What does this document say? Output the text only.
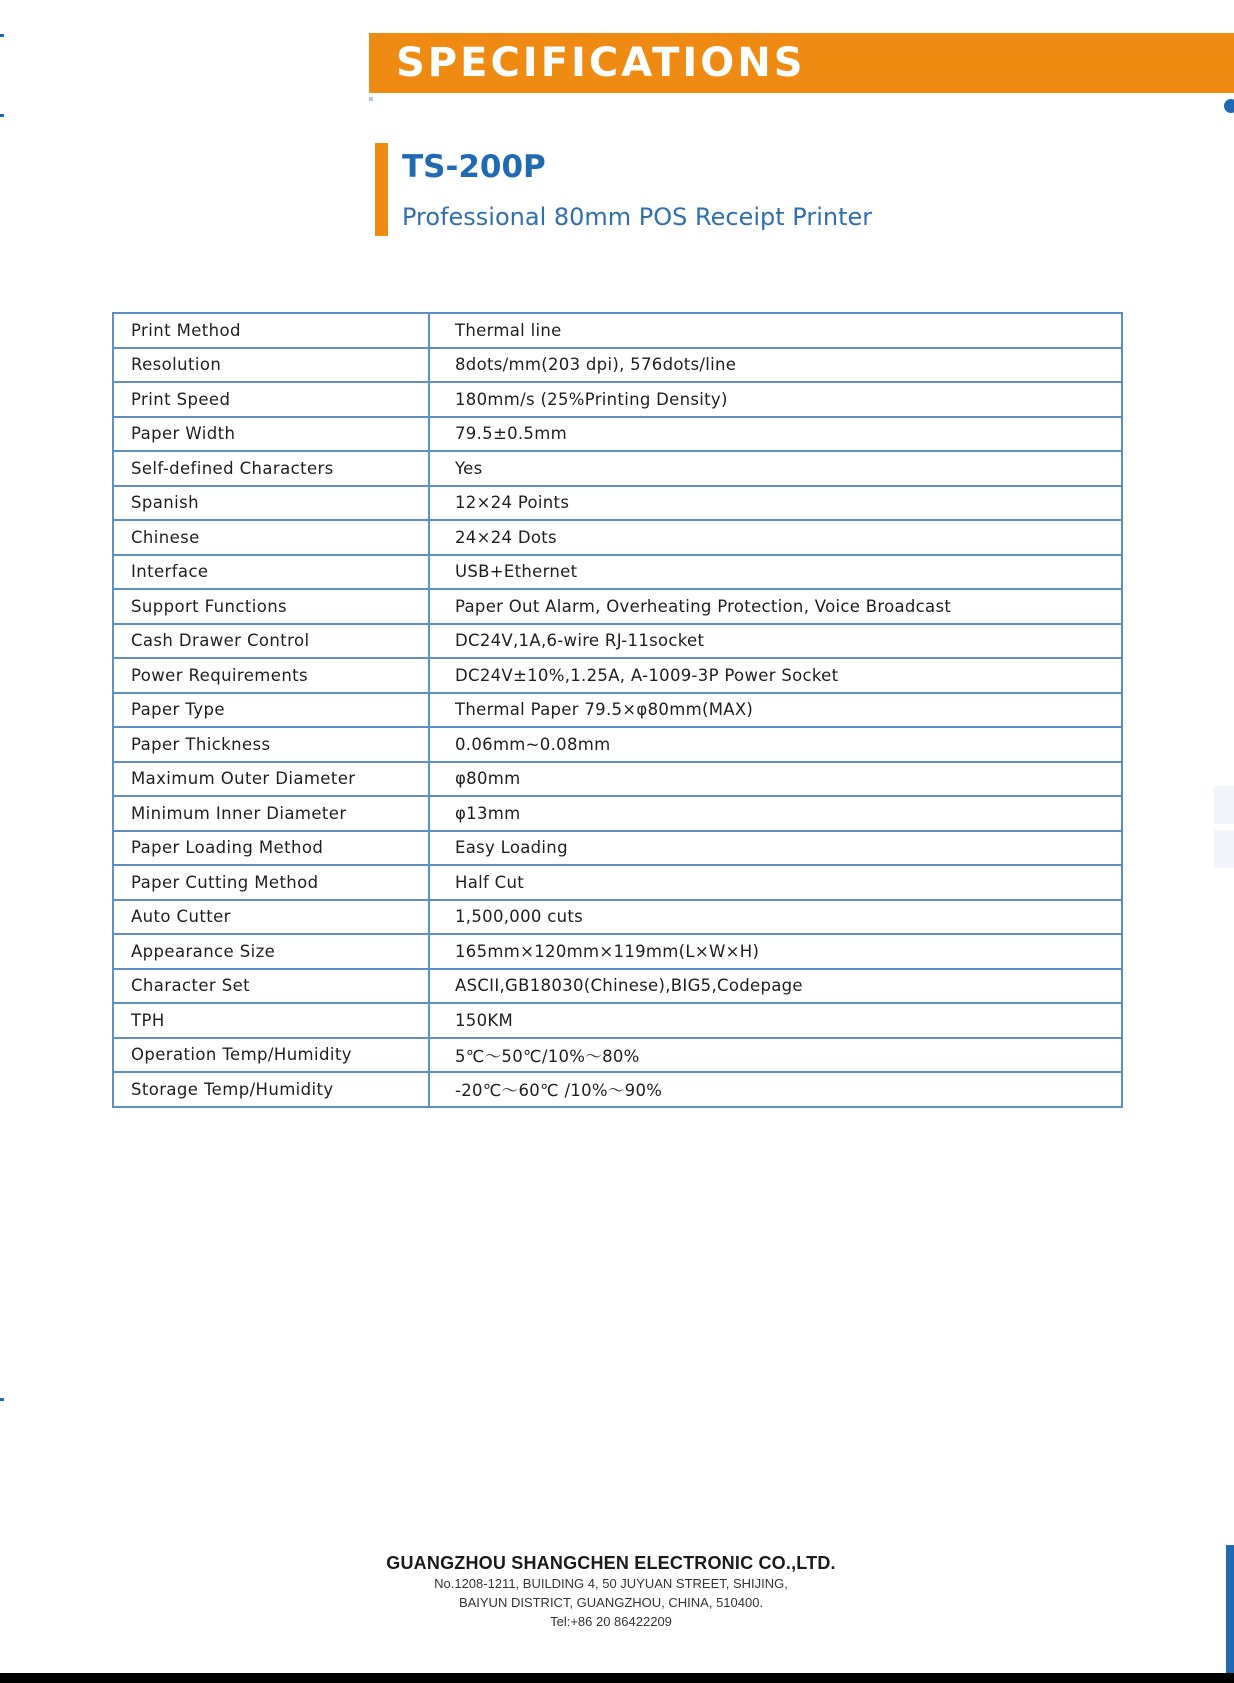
SPECIFICATIONS
TS-200P
Professional 80mm POS Receipt Printer
Print Method	Thermal line
Resolution	8dots/mm(203 dpi), 576dots/line
Print Speed	180mm/s (25%Printing Density)
Paper Width	79.5±0.5mm
Self-defined Characters	Yes
Spanish	12×24 Points
Chinese	24×24 Dots
Interface	USB+Ethernet
Support Functions	Paper Out Alarm, Overheating Protection, Voice Broadcast
Cash Drawer Control	DC24V,1A,6-wire RJ-11socket
Power Requirements	DC24V±10%,1.25A, A-1009-3P Power Socket
Paper Type	Thermal Paper 79.5×φ80mm(MAX)
Paper Thickness	0.06mm~0.08mm
Maximum Outer Diameter	φ80mm
Minimum Inner Diameter	φ13mm
Paper Loading Method	Easy Loading
Paper Cutting Method	Half Cut
Auto Cutter	1,500,000 cuts
Appearance Size	165mm×120mm×119mm(L×W×H)
Character Set	ASCII,GB18030(Chinese),BIG5,Codepage
TPH	150KM
Operation Temp/Humidity	5℃～50℃/10%～80%
Storage Temp/Humidity	-20℃～60℃ /10%～90%
GUANGZHOU SHANGCHEN ELECTRONIC CO.,LTD.
No.1208-1211, BUILDING 4, 50 JUYUAN STREET, SHIJING,
BAIYUN DISTRICT, GUANGZHOU, CHINA, 510400.
Tel:+86 20 86422209
